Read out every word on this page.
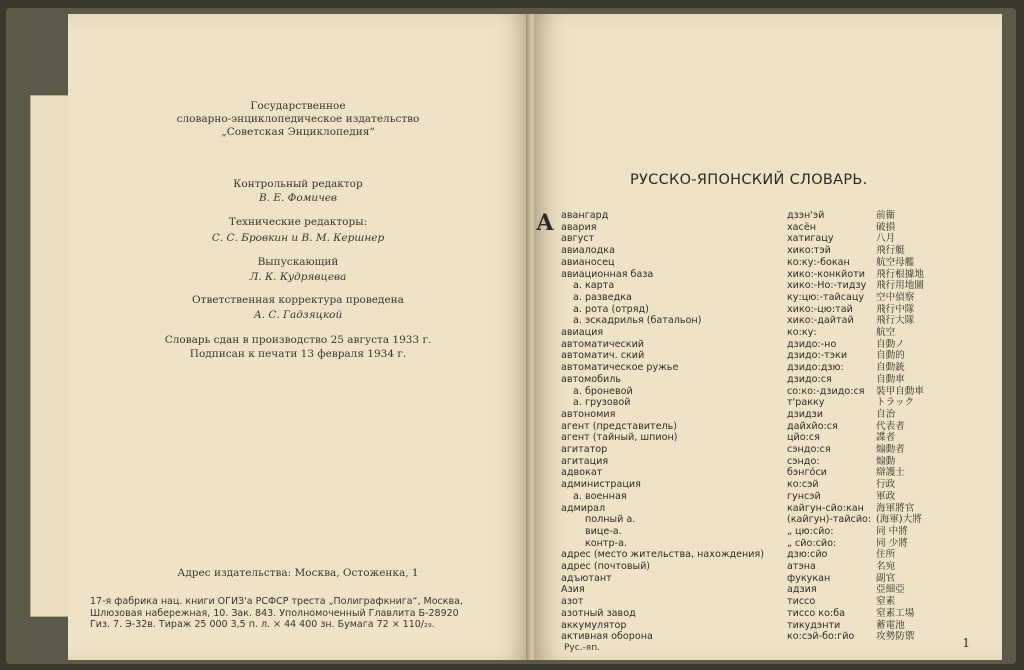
Государственное
словарно-энциклопедическое издательство
„Советская Энциклопедия“
Контрольный редактор
В. Е. Фомичев
Технические редакторы:
С. С. Бровкин и В. М. Кершнер
Выпускающий
Л. К. Кудрявцева
Ответственная корректура проведена
А. С. Гадзяцкой
Словарь сдан в производство 25 августа 1933 г.
Подписан к печати 13 февраля 1934 г.
Адрес издательства: Москва, Остоженка, 1
17-я фабрика нац. книги ОГИЗ'а РСФСР треста „Полиграфкнига“, Москва,
Шлюзовая набережная, 10. Зак. 843. Уполномоченный Главлита Б-28920
Гиз. 7. Э-32в. Тираж 25 000 3,5 п. л. × 44 400 зн. Бумага 72 × 110/₂₉.
РУССКО-ЯПОНСКИЙ СЛОВАРЬ.
А авангард	дзэн'эй	前衞
авария	хасён	破損
август	хатигацу	八月
авиалодка	хико:тэй	飛行艇
авианосец	ко:ку:-бокан	航空母艦
авиационная база	хико:-конкйоти 飛行根據地
а. карта	хико:-Но:-тидзу 飛行用地圖
а. разведка	ку:цю:-тайсацу 空中偵察
а. рота (отряд)	хико:-цю:тай 飛行中隊
а. эскадрилья (батальон)	хико:-дайтай 飛行大隊
авиация	ко:ку:	航空
автоматический	дзидо:-но	自動ノ
автоматич. ский	дзидо:-тэки	自動的
автоматическое ружье	дзидо:дзю:	自動銃
автомобиль	дзидо:ся	自動車
а. броневой	со:ко:-дзидо:ся 裝甲自動車
а. грузовой	т'ракку	トラック
автономия	дзидзи	自治
агент (представитель)	дайхйо:ся	代表者
агент (тайный, шпион)	цйо:ся	諜者
агитатор	сэндо:ся	煽動者
агитация	сэндо:	煽動
адвокат	бэнго́си	辯護士
администрация	ко:сэй	行政
а. военная	гунсэй	軍政
адмирал	кайгун-сйо:кан 海軍將官
полный а.	(кайгун)-тайсйо: (海軍)大將
вице-а.	„ цю:сйо:	同 中將
контр-а.	„ сйо:сйо:	同 少將
адрес (место жительства, нахождения) дзю:сйо	住所
адрес (почтовый)	атэна	名宛
адъютант	фукукан	副官
Азия	адзия	亞細亞
азот	тиссо	窒素
азотный завод	тиссо ко:ба	窒素工場
аккумулятор	тикудэнти	蓄電池
активная оборона	ко:сэй-бо:гйо 攻勢防禦
Рус.-яп.	1
